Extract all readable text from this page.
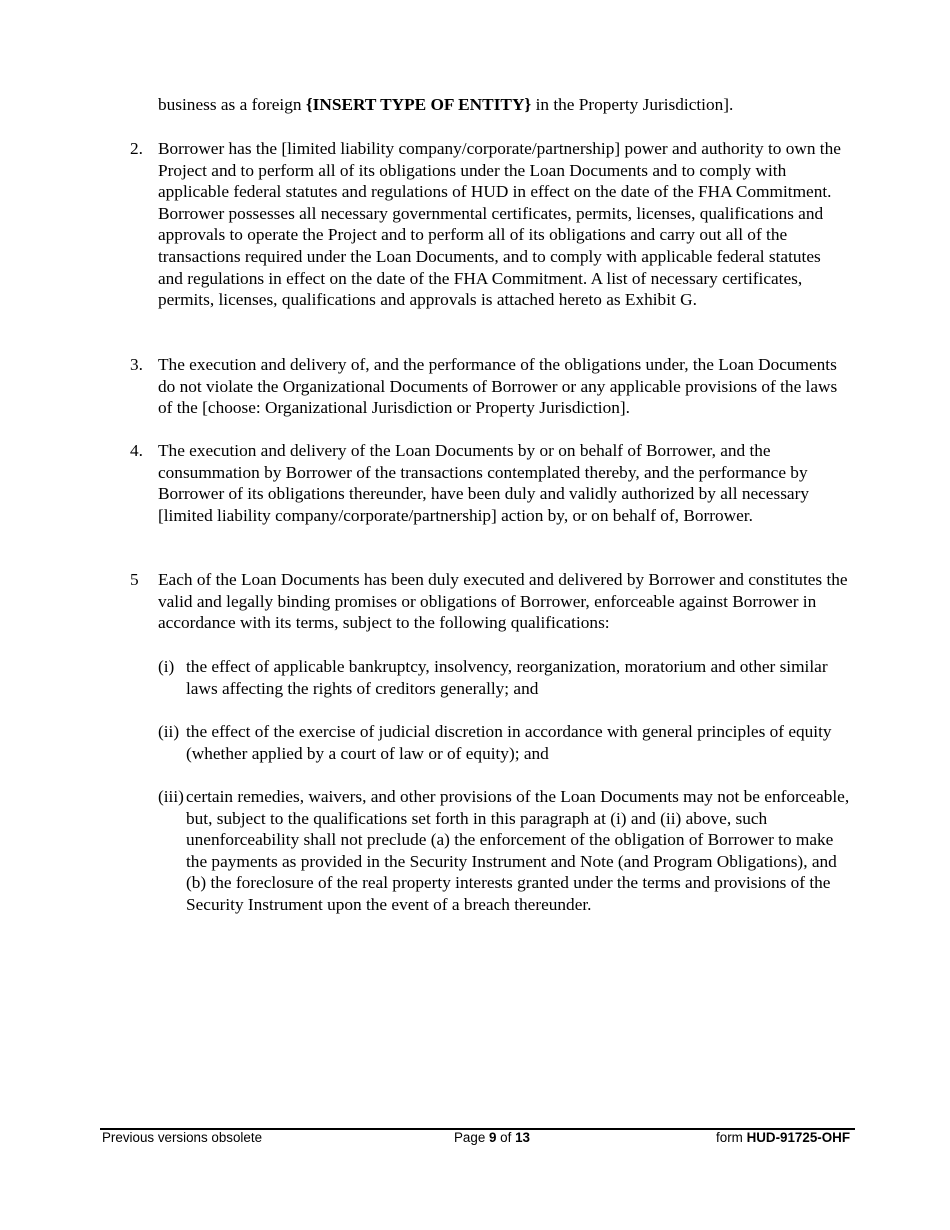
business as a foreign {INSERT TYPE OF ENTITY} in the Property Jurisdiction].

2. Borrower has the [limited liability company/corporate/partnership] power and authority to own the Project and to perform all of its obligations under the Loan Documents and to comply with applicable federal statutes and regulations of HUD in effect on the date of the FHA Commitment. Borrower possesses all necessary governmental certificates, permits, licenses, qualifications and approvals to operate the Project and to perform all of its obligations and carry out all of the transactions required under the Loan Documents, and to comply with applicable federal statutes and regulations in effect on the date of the FHA Commitment. A list of necessary certificates, permits, licenses, qualifications and approvals is attached hereto as Exhibit G.
3. The execution and delivery of, and the performance of the obligations under, the Loan Documents do not violate the Organizational Documents of Borrower or any applicable provisions of the laws of the [choose: Organizational Jurisdiction or Property Jurisdiction].
4. The execution and delivery of the Loan Documents by or on behalf of Borrower, and the consummation by Borrower of the transactions contemplated thereby, and the performance by Borrower of its obligations thereunder, have been duly and validly authorized by all necessary [limited liability company/corporate/partnership] action by, or on behalf of, Borrower.
5 Each of the Loan Documents has been duly executed and delivered by Borrower and constitutes the valid and legally binding promises or obligations of Borrower, enforceable against Borrower in accordance with its terms, subject to the following qualifications:
(i) the effect of applicable bankruptcy, insolvency, reorganization, moratorium and other similar laws affecting the rights of creditors generally; and
(ii) the effect of the exercise of judicial discretion in accordance with general principles of equity (whether applied by a court of law or of equity); and
(iii) certain remedies, waivers, and other provisions of the Loan Documents may not be enforceable, but, subject to the qualifications set forth in this paragraph at (i) and (ii) above, such unenforceability shall not preclude (a) the enforcement of the obligation of Borrower to make the payments as provided in the Security Instrument and Note (and Program Obligations), and (b) the foreclosure of the real property interests granted under the terms and provisions of the Security Instrument upon the event of a breach thereunder.
Previous versions obsolete	Page 9 of 13	form HUD-91725-OHF
